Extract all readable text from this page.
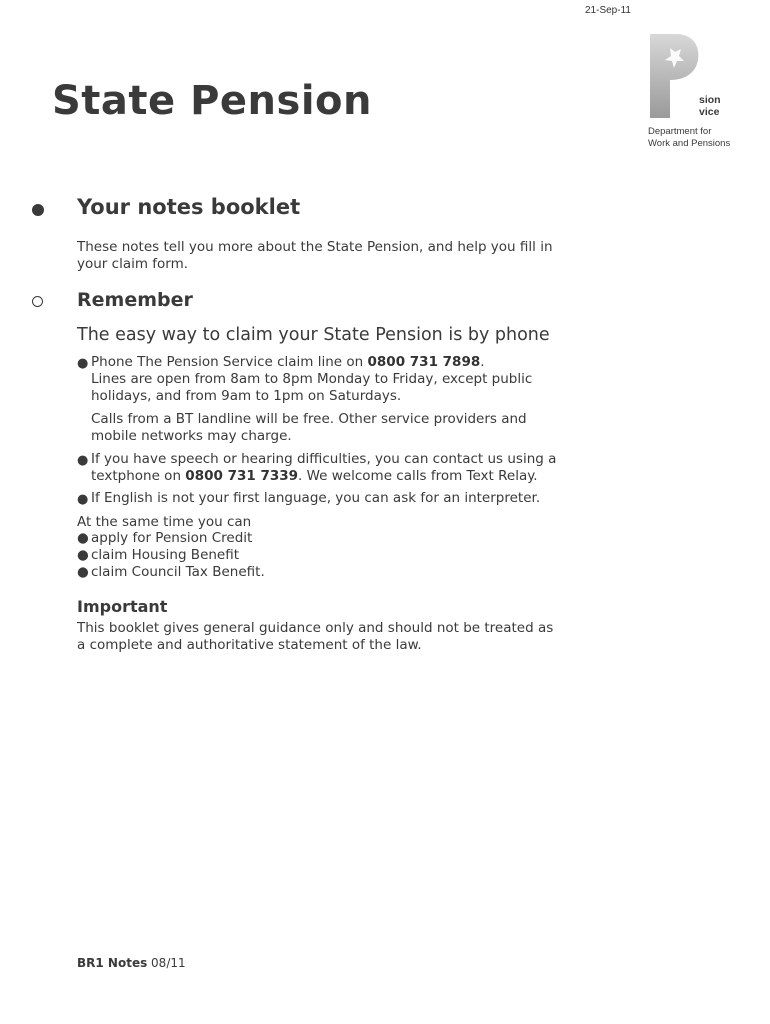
21-Sep-11
State Pension	sion
vice
Department for
Work and Pensions
Your notes booklet
These notes tell you more about the State Pension, and help you fill in your claim form.
Remember
The easy way to claim your State Pension is by phone
● Phone The Pension Service claim line on 0800 731 7898.
Lines are open from 8am to 8pm Monday to Friday, except public holidays, and from 9am to 1pm on Saturdays.
Calls from a BT landline will be free. Other service providers and mobile networks may charge.
● If you have speech or hearing difficulties, you can contact us using a textphone on 0800 731 7339. We welcome calls from Text Relay.
● If English is not your first language, you can ask for an interpreter.
At the same time you can
● apply for Pension Credit
● claim Housing Benefit
● claim Council Tax Benefit.
Important
This booklet gives general guidance only and should not be treated as a complete and authoritative statement of the law.
BR1 Notes 08/11
